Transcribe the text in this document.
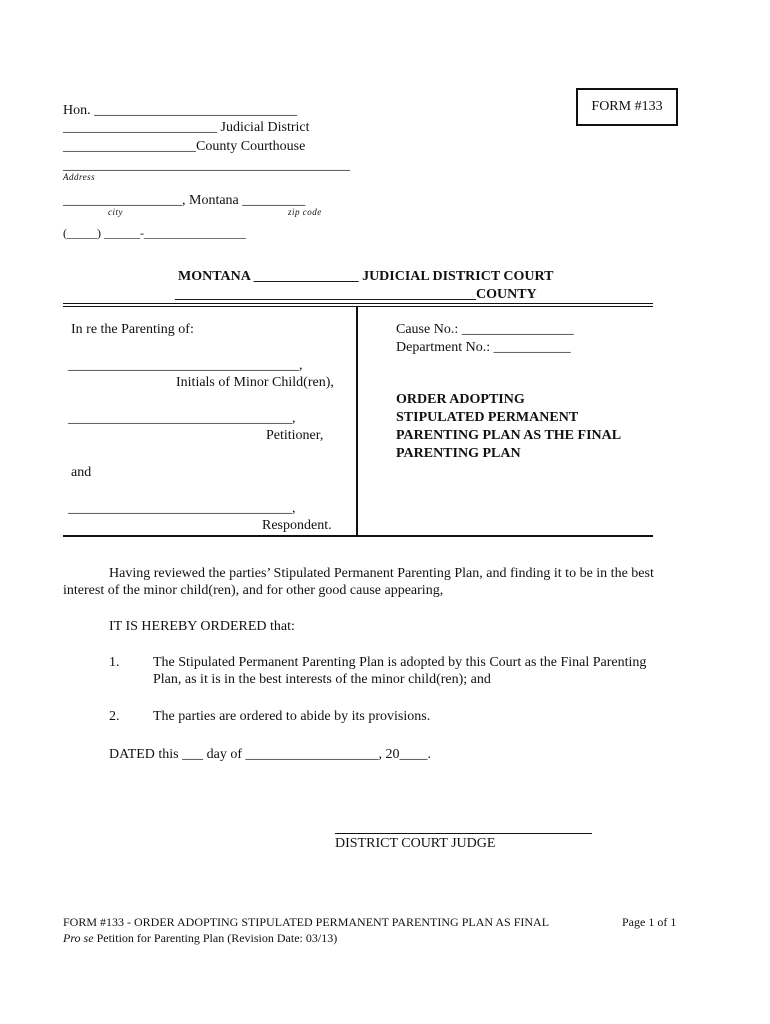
FORM #133
Hon. _____________________________
______________________ Judicial District
___________________County Courthouse
_________________________________________
Address
_________________, Montana _________
city	zip code
(_____) ______-_________________
MONTANA _______________ JUDICIAL DISTRICT COURT
___________________________________________COUNTY
In re the Parenting of:
_________________________________,
Initials of Minor Child(ren),
________________________________,
Petitioner,
and
________________________________,
Respondent.
Cause No.: ________________
Department No.: ___________
ORDER ADOPTING
STIPULATED PERMANENT
PARENTING PLAN AS THE FINAL
PARENTING PLAN
Having reviewed the parties’ Stipulated Permanent Parenting Plan, and finding it to be in the best
interest of the minor child(ren), and for other good cause appearing,
IT IS HEREBY ORDERED that:
1. The Stipulated Permanent Parenting Plan is adopted by this Court as the Final Parenting
Plan, as it is in the best interests of the minor child(ren); and
2. The parties are ordered to abide by its provisions.
DATED this ___ day of ___________________, 20____.
DISTRICT COURT JUDGE
FORM #133 - ORDER ADOPTING STIPULATED PERMANENT PARENTING PLAN AS FINAL
Pro se Petition for Parenting Plan (Revision Date: 03/13)
Page 1 of 1
